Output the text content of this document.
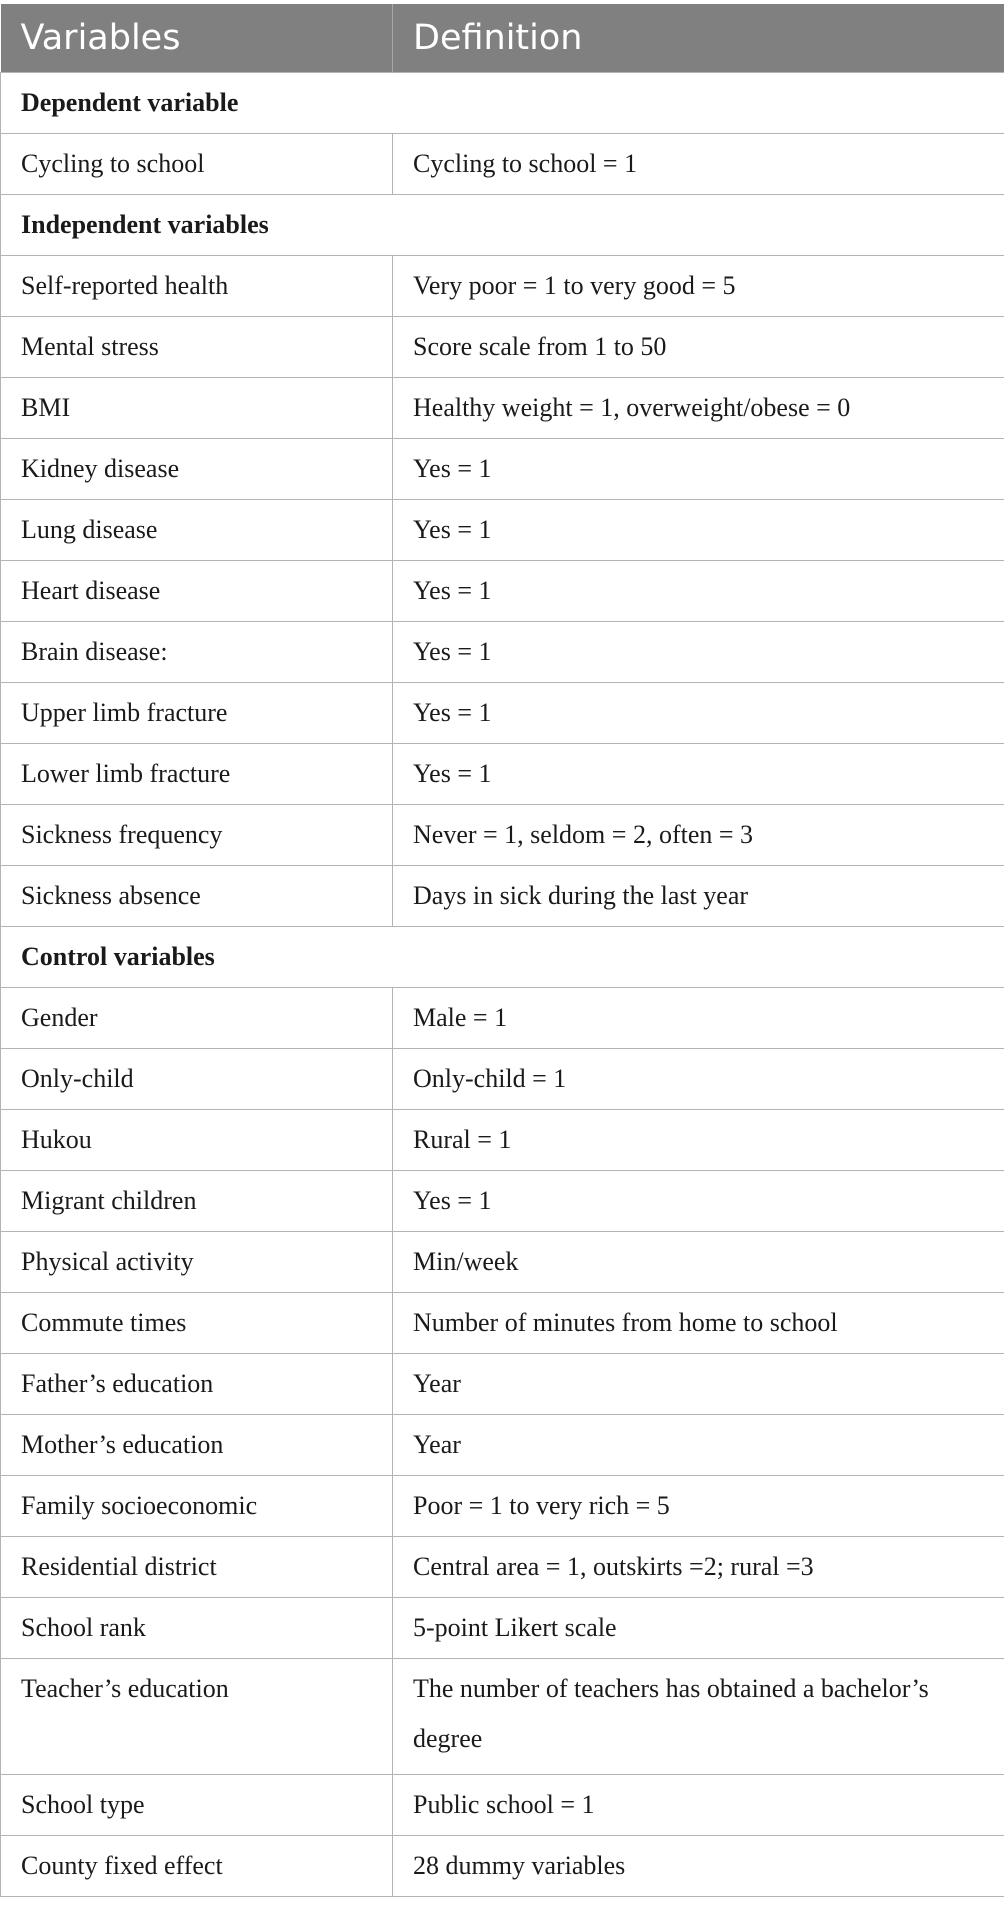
Variables	Definition
Dependent variable	
Cycling to school	Cycling to school = 1
Independent variables	
Self-reported health	Very poor = 1 to very good = 5
Mental stress	Score scale from 1 to 50
BMI	Healthy weight = 1, overweight/obese = 0
Kidney disease	Yes = 1
Lung disease	Yes = 1
Heart disease	Yes = 1
Brain disease:	Yes = 1
Upper limb fracture	Yes = 1
Lower limb fracture	Yes = 1
Sickness frequency	Never = 1, seldom = 2, often = 3
Sickness absence	Days in sick during the last year
Control variables	
Gender	Male = 1
Only-child	Only-child = 1
Hukou	Rural = 1
Migrant children	Yes = 1
Physical activity	Min/week
Commute times	Number of minutes from home to school
Father’s education	Year
Mother’s education	Year
Family socioeconomic	Poor = 1 to very rich = 5
Residential district	Central area = 1, outskirts =2; rural =3
School rank	5-point Likert scale
Teacher’s education	The number of teachers has obtained a bachelor’s degree
School type	Public school = 1
County fixed effect	28 dummy variables
